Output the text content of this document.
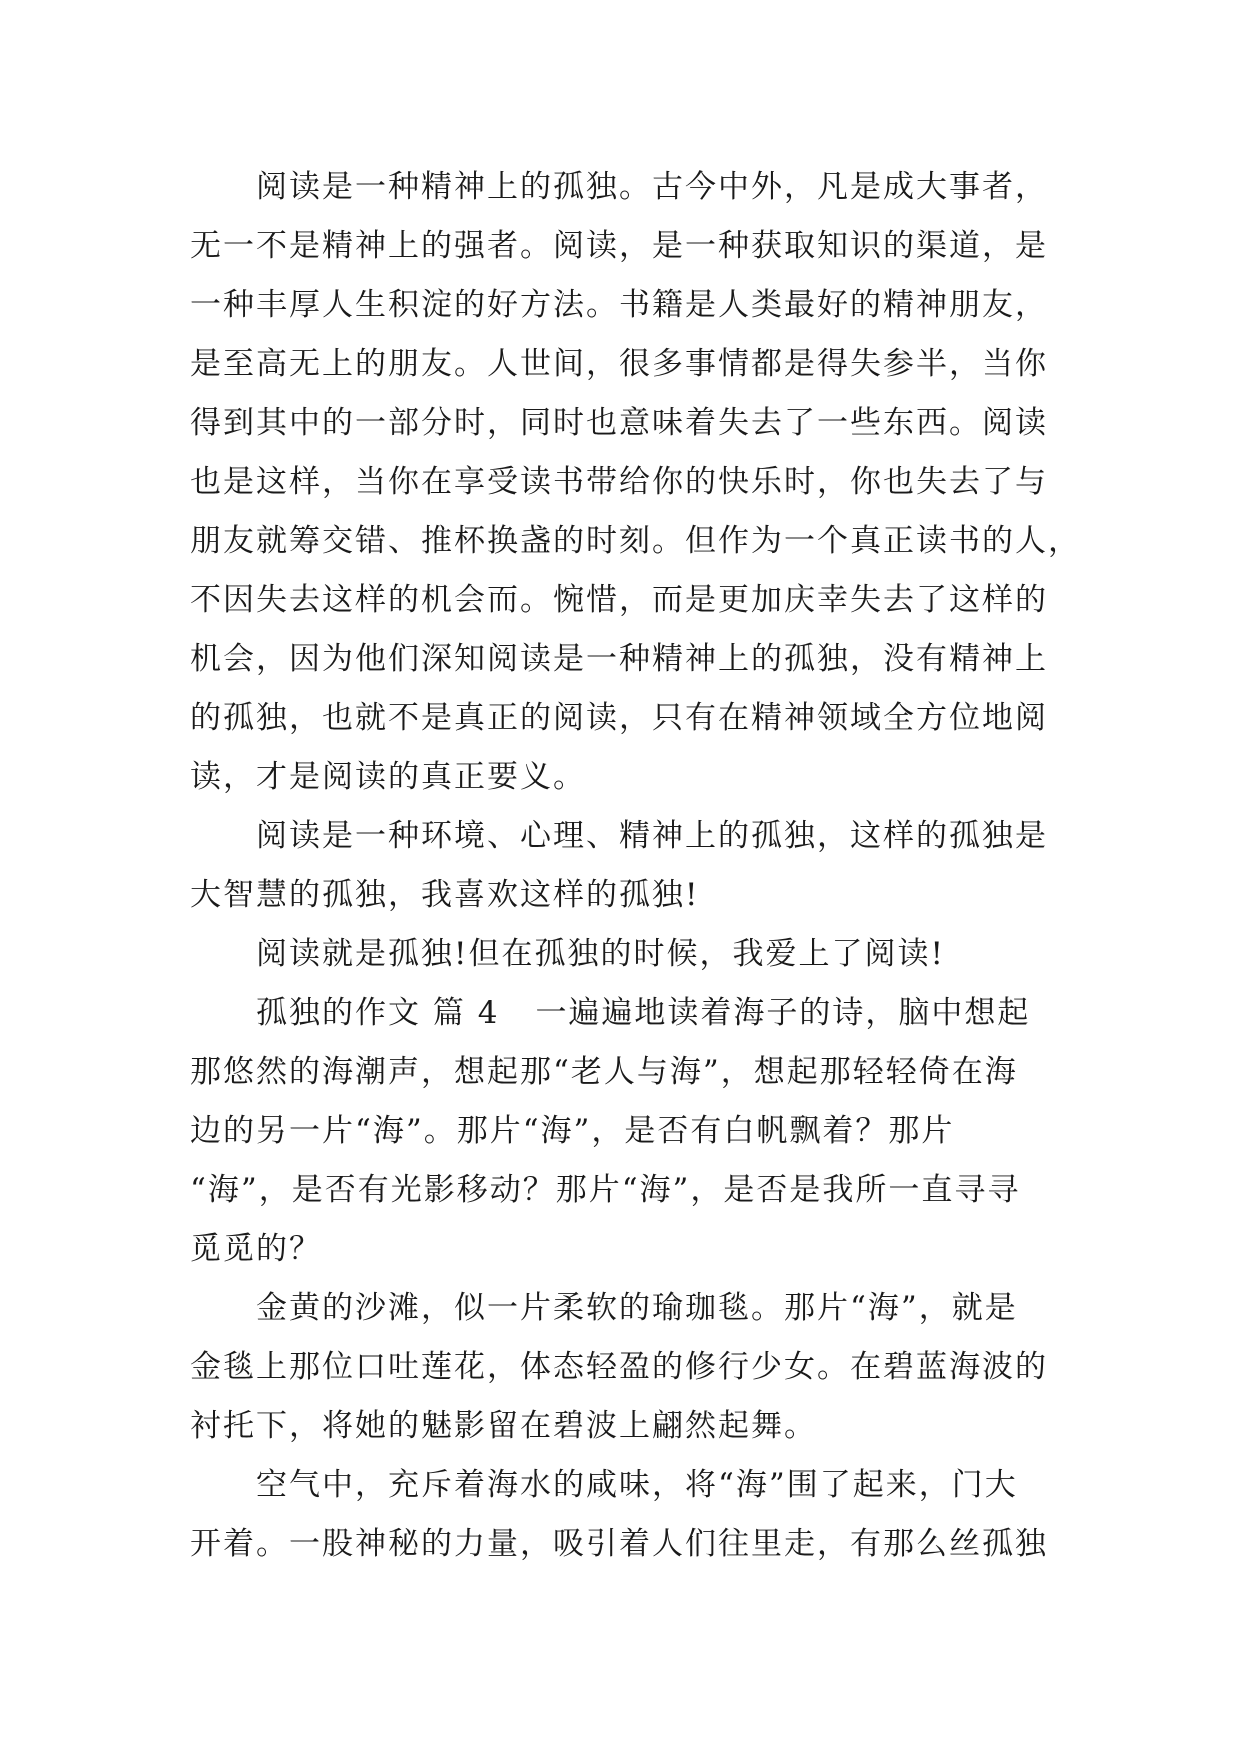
阅读是一种精神上的孤独。古今中外，凡是成大事者，
无一不是精神上的强者。阅读，是一种获取知识的渠道，是
一种丰厚人生积淀的好方法。书籍是人类最好的精神朋友，
是至高无上的朋友。人世间，很多事情都是得失参半，当你
得到其中的一部分时，同时也意味着失去了一些东西。阅读
也是这样，当你在享受读书带给你的快乐时，你也失去了与
朋友就筹交错、推杯换盏的时刻。但作为一个真正读书的人，
不因失去这样的机会而。惋惜，而是更加庆幸失去了这样的
机会，因为他们深知阅读是一种精神上的孤独，没有精神上
的孤独，也就不是真正的阅读，只有在精神领域全方位地阅
读，才是阅读的真正要义。
阅读是一种环境、心理、精神上的孤独，这样的孤独是
大智慧的孤独，我喜欢这样的孤独!
阅读就是孤独!但在孤独的时候，我爱上了阅读!
孤独的作文 篇 4 一遍遍地读着海子的诗，脑中想起
那悠然的海潮声，想起那“老人与海”，想起那轻轻倚在海
边的另一片“海”。那片“海”，是否有白帆飘着？那片
“海”，是否有光影移动？那片“海”，是否是我所一直寻寻
觅觅的？
金黄的沙滩，似一片柔软的瑜珈毯。那片“海”，就是
金毯上那位口吐莲花，体态轻盈的修行少女。在碧蓝海波的
衬托下，将她的魅影留在碧波上翩然起舞。
空气中，充斥着海水的咸味，将“海”围了起来，门大
开着。一股神秘的力量，吸引着人们往里走，有那么丝孤独
